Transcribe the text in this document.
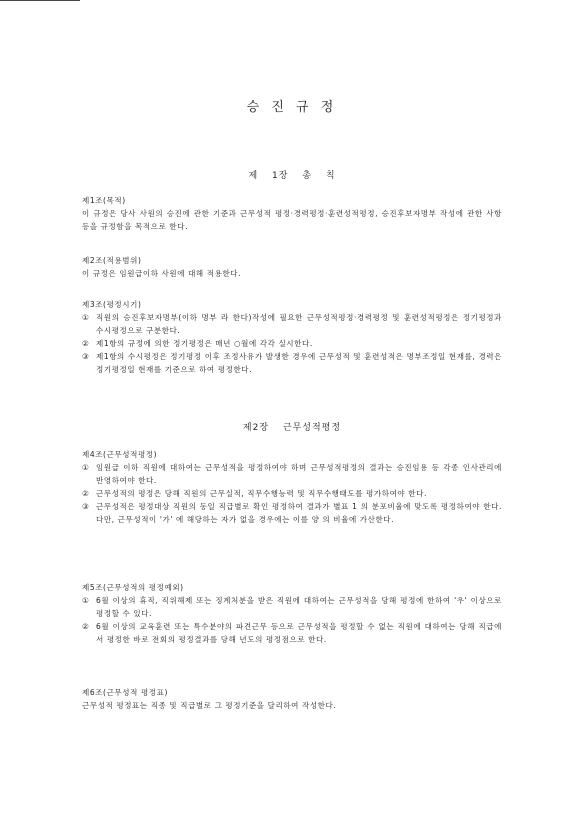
승 진 규 정
제 1장 총 칙
제1조(목적)
이 규정은 당사 사원의 승진에 관한 기준과 근무성적 평정·경력평정·훈련성적평정, 승진후보자명부 작성에 관한 사항 등을 규정함을 목적으로 한다.
제2조(적용범위)
이 규정은 임원급이하 사원에 대해 적용한다.
제3조(평정시기)
① 직원의 승진후보자명부(이하 명부 라 한다)작성에 필요한 근무성적평정·경력평정 및 훈련성적평정은 정기평정과 수시평정으로 구분한다.
② 제1항의 규정에 의한 정기평정은 매년 ○월에 각각 실시한다.
③ 제1항의 수시평정은 정기평정 이후 조정사유가 발생한 경우에 근무성적 및 훈련성적은 명부조정일 현재를, 경력은 정기평정일 현재를 기준으로 하여 평정한다.
제2장 근무성적평정
제4조(근무성적평정)
① 임원급 이하 직원에 대하여는 근무성적을 평정하여야 하며 근무성적평정의 결과는 승진임용 등 각종 인사관리에 반영하여야 한다.
② 근무성적의 평정은 당해 직원의 근무실적, 직무수행능력 및 직무수행태도를 평가하여야 한다.
③ 근무성적은 평정대상 직원의 동일 직급별로 확인 평정하여 결과가 별표 1 의 분포비율에 맞도록 평정하여야 한다. 다만, 근무성적이 '가' 에 해당하는 자가 없을 경우에는 이를 양 의 비율에 가산한다.
제5조(근무성적의 평정예외)
① 6월 이상의 휴직, 직위해제 또는 징계처분을 받은 직원에 대하여는 근무성적을 당해 평정에 한하여 '우' 이상으로 평정할 수 있다.
② 6월 이상의 교육훈련 또는 특수분야의 파견근무 등으로 근무성적을 평정할 수 없는 직원에 대하여는 당해 직급에서 평정한 바로 전회의 평정결과를 당해 년도의 평정점으로 한다.
제6조(근무성적 평정표)
근무성적 평정표는 직종 및 직급별로 그 평정기준을 달리하여 작성한다.
